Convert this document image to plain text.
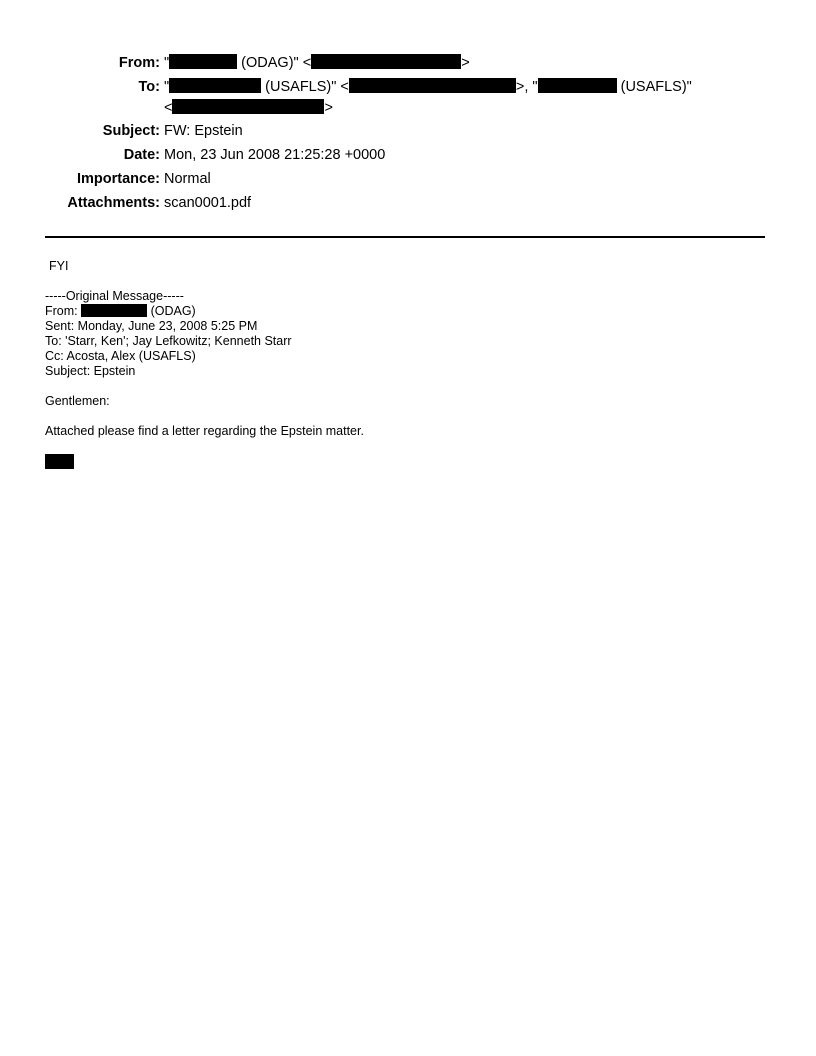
From: "	(ODAG)" <	>
To: "	(USAFLS)" <	>, "	(USAFLS)"
<	>
Subject: FW: Epstein
Date: Mon, 23 Jun 2008 21:25:28 +0000
Importance: Normal
Attachments: scan0001.pdf
FYI
-----Original Message-----
From:	(ODAG)
Sent: Monday, June 23, 2008 5:25 PM
To: 'Starr, Ken'; Jay Lefkowitz; Kenneth Starr
Cc: Acosta, Alex (USAFLS)
Subject: Epstein
Gentlemen:
Attached please find a letter regarding the Epstein matter.
